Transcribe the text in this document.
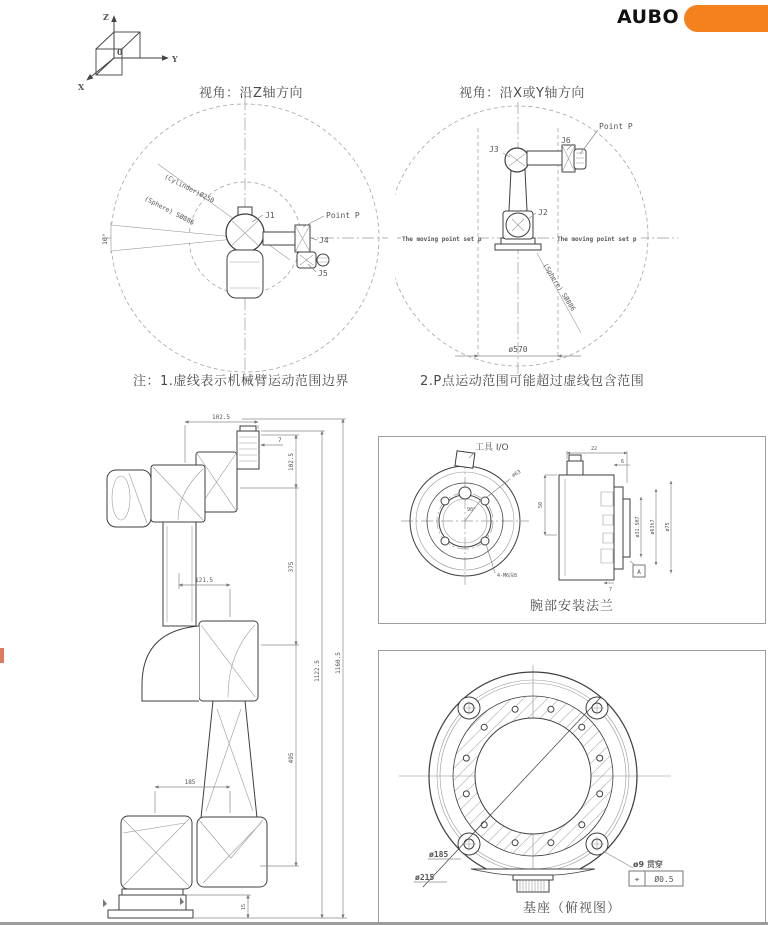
AUBO
Z
Y
X
0
视角：沿Z轴方向	视角：沿X或Y轴方向
10°
(Cylinder)Ø250
(Sphere) SØ886	J1	Point P
J4
J5
The moving point set p	The moving point set p
J3
J6
Point P
J2
(Sphere) SØ886
ø570
注：1.虚线表示机械臂运动范围边界	2.P点运动范围可能超过虚线包含范围
102.5
7
102.5
375
495
1122.5 1160.5
121.5
185
15
工具 I/O
ø63
90°
4-M6深8
22
6
50
ø31.5H7 ø63h7 ø75
A
7
腕部安装法兰
ø185
ø215
ø9 贯穿
⌖ Ø0.5
基座（俯视图）
